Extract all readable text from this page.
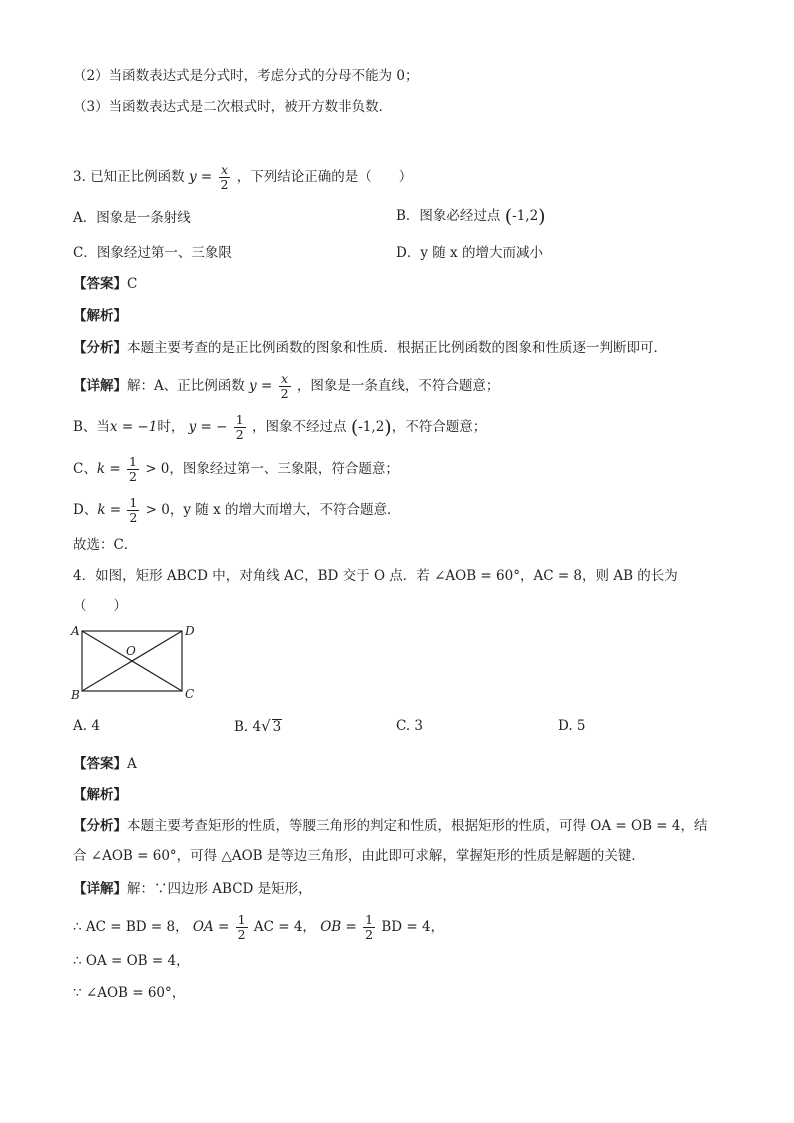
（2）当函数表达式是分式时，考虑分式的分母不能为 0；
（3）当函数表达式是二次根式时，被开方数非负数．
3. 已知正比例函数 $y = \frac{x}{2}$ ，下列结论正确的是（　　）
A．图象是一条射线	B．图象必经过点 (-1,2)
C．图象经过第一、三象限	D．y 随 x 的增大而减小
【答案】C
【解析】
【分析】本题主要考查的是正比例函数的图象和性质．根据正比例函数的图象和性质逐一判断即可．
【详解】解：A、正比例函数 $y = \frac{x}{2}$ ，图象是一条直线，不符合题意；
B、当x = −1时， y = − $\frac{1}{2}$ ，图象不经过点 (-1,2)，不符合题意；
C、$k = \frac{1}{2} > 0$，图象经过第一、三象限，符合题意；
D、$k = \frac{1}{2} > 0$，y 随 x 的增大而增大，不符合题意．
故选：C．
4．如图，矩形 ABCD 中，对角线 AC，BD 交于 O 点．若 ∠AOB = 60°，AC = 8，则 AB 的长为
（　　）
A	D
B	C
O
A. 4	B. 4√ 3	C. 3	D. 5
【答案】A
【解析】
【分析】本题主要考查矩形的性质，等腰三角形的判定和性质，根据矩形的性质，可得 OA = OB = 4，结
合 ∠AOB = 60°，可得 △AOB 是等边三角形，由此即可求解，掌握矩形的性质是解题的关键．
【详解】解：∵四边形 ABCD 是矩形，
∴ AC = BD = 8， OA = $\frac{1}{2}$ AC = 4， OB = $\frac{1}{2}$ BD = 4，
∴ OA = OB = 4，
∵ ∠AOB = 60°，
